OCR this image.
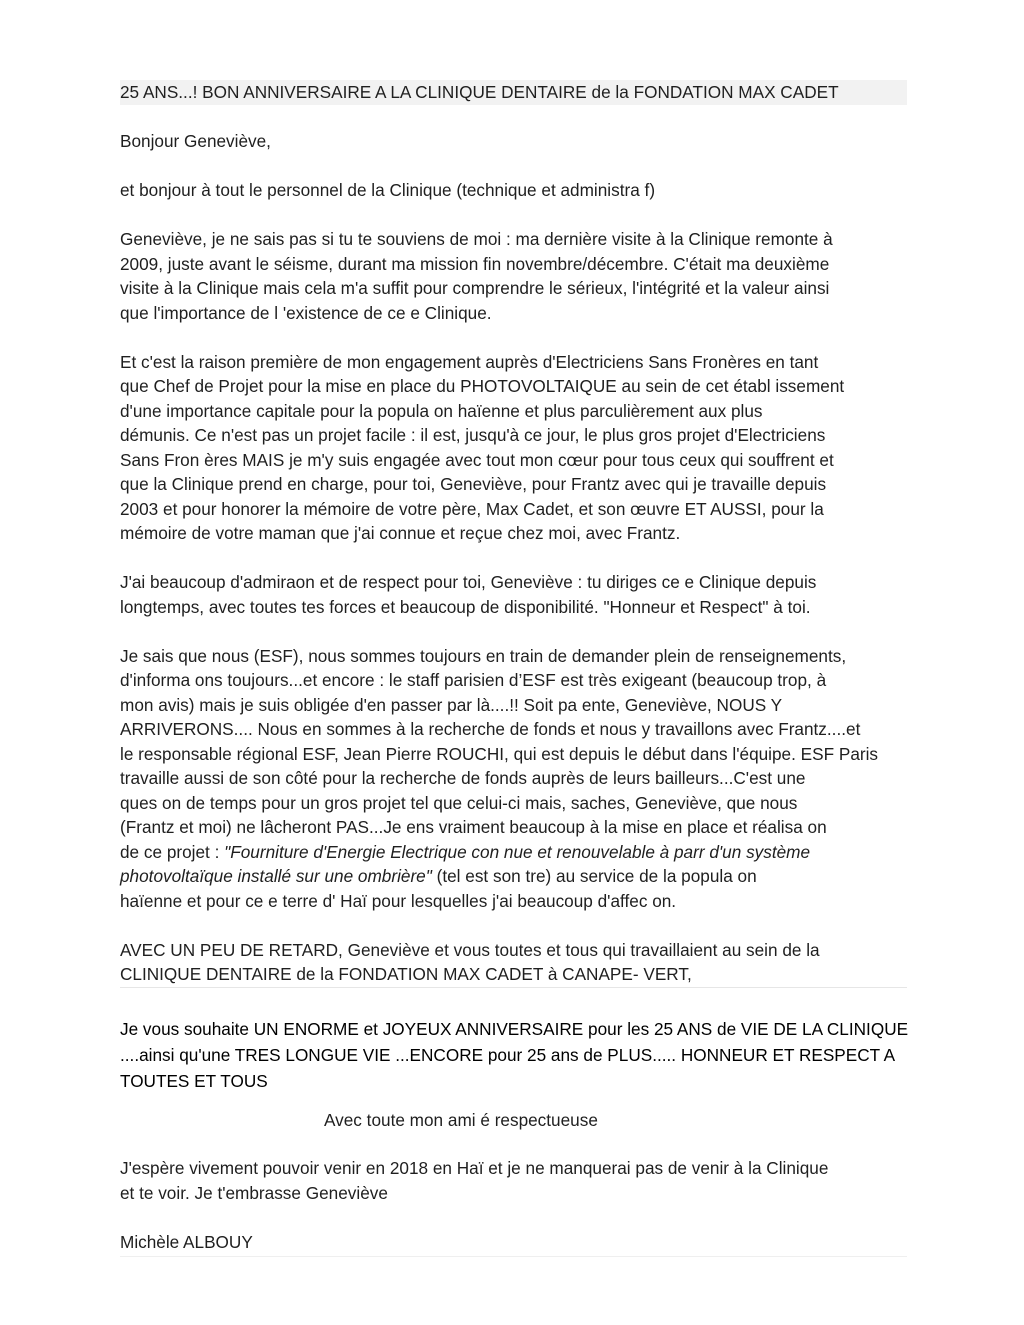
25 ANS...! BON ANNIVERSAIRE A LA CLINIQUE DENTAIRE de la FONDATION MAX CADET

Bonjour Geneviève,

et bonjour à tout le personnel de la Clinique (technique et administra f)

Geneviève, je ne sais pas si tu te souviens de moi : ma dernière visite à la Clinique remonte à
2009, juste avant le séisme, durant ma mission fin novembre/décembre. C'était ma deuxième
visite à la Clinique mais cela m'a suffit pour comprendre le sérieux, l'intégrité et la valeur ainsi
que l'importance de l 'existence de ce e Clinique.

Et c'est la raison première de mon engagement auprès d'Electriciens Sans Fronères en tant
que Chef de Projet pour la mise en place du PHOTOVOLTAIQUE au sein de cet établ issement
d'une importance capitale pour la popula on haïenne et plus parculièrement aux plus
démunis. Ce n'est pas un projet facile : il est, jusqu'à ce jour, le plus gros projet d'Electriciens
Sans Fron ères MAIS je m'y suis engagée avec tout mon cœur pour tous ceux qui souffrent et
que la Clinique prend en charge, pour toi, Geneviève, pour Frantz avec qui je travaille depuis
2003 et pour honorer la mémoire de votre père, Max Cadet, et son œuvre ET AUSSI, pour la
mémoire de votre maman que j'ai connue et reçue chez moi, avec Frantz.

J'ai beaucoup d'admiraon et de respect pour toi, Geneviève : tu diriges ce e Clinique depuis
longtemps, avec toutes tes forces et beaucoup de disponibilité. "Honneur et Respect" à toi.

Je sais que nous (ESF), nous sommes toujours en train de demander plein de renseignements,
d'informa ons toujours...et encore : le staff parisien d’ESF est très exigeant (beaucoup trop, à
mon avis) mais je suis obligée d'en passer par là....!! Soit pa ente, Geneviève, NOUS Y
ARRIVERONS.... Nous en sommes à la recherche de fonds et nous y travaillons avec Frantz....et
le responsable régional ESF, Jean Pierre ROUCHI, qui est depuis le début dans l'équipe. ESF Paris
travaille aussi de son côté pour la recherche de fonds auprès de leurs bailleurs...C'est une
ques on de temps pour un gros projet tel que celui-ci mais, saches, Geneviève, que nous
(Frantz et moi) ne lâcheront PAS...Je ens vraiment beaucoup à la mise en place et réalisa on
de ce projet : "Fourniture d'Energie Electrique con nue et renouvelable à parr d'un système
photovoltaïque installé sur une ombrière" (tel est son tre) au service de la popula on
haïenne et pour ce e terre d' Haï pour lesquelles j'ai beaucoup d'affec on.

AVEC UN PEU DE RETARD, Geneviève et vous toutes et tous qui travaillaient au sein de la
CLINIQUE DENTAIRE de la FONDATION MAX CADET à CANAPE- VERT,

Je vous souhaite UN ENORME et JOYEUX ANNIVERSAIRE pour les 25 ANS de VIE DE LA CLINIQUE
....ainsi qu'une TRES LONGUE VIE ...ENCORE pour 25 ans de PLUS..... HONNEUR ET RESPECT A
TOUTES ET TOUS

Avec toute mon ami é respectueuse

J'espère vivement pouvoir venir en 2018 en Haï et je ne manquerai pas de venir à la Clinique
et te voir. Je t'embrasse Geneviève

Michèle ALBOUY
